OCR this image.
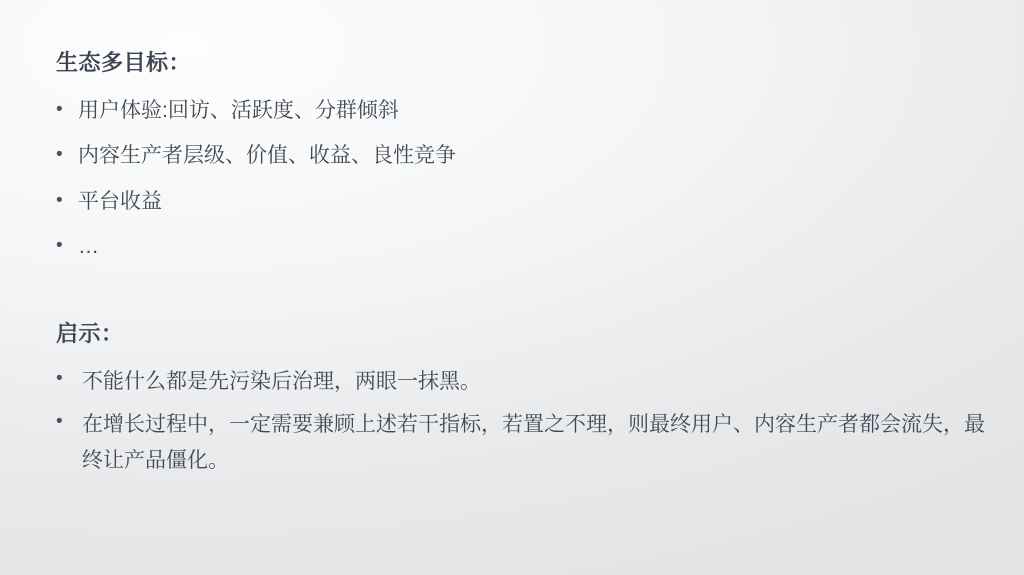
生态多目标：
• 用户体验:回访、活跃度、分群倾斜
• 内容生产者层级、价值、收益、良性竞争
• 平台收益
• …
启示：
• 不能什么都是先污染后治理，两眼一抹黑。
• 在增长过程中，一定需要兼顾上述若干指标，若置之不理，则最终用户、内容生产者都会流失，最终让产品僵化。
